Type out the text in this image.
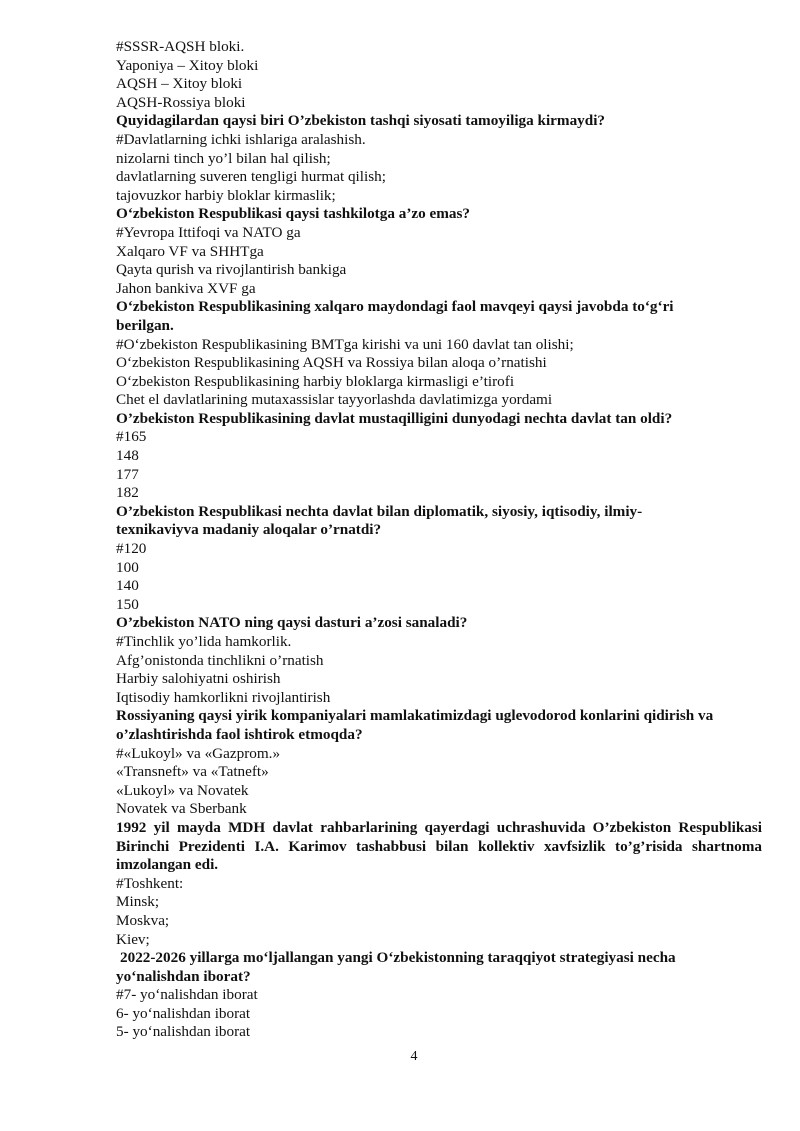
#SSSR-AQSH bloki.
Yaponiya – Xitoy bloki
AQSH – Xitoy bloki
AQSH-Rossiya bloki
Quyidagilardan qaysi biri O’zbekiston tashqi siyosati tamoyiliga kirmaydi?
#Davlatlarning ichki ishlariga aralashish.
nizolarni tinch yo’l bilan hal qilish;
davlatlarning suveren tengligi hurmat qilish;
tajovuzkor harbiy bloklar kirmaslik;
O‘zbekiston Respublikasi qaysi tashkilotga a’zo emas?
#Yevropa Ittifoqi va NATO ga
Xalqaro VF va SHHTga
Qayta qurish va rivojlantirish bankiga
Jahon bankiva XVF ga
O‘zbekiston Respublikasining xalqaro maydondagi faol mavqeyi qaysi javobda to‘g‘ri berilgan.
#O‘zbekiston Respublikasining BMTga kirishi va uni 160 davlat tan olishi;
O‘zbekiston Respublikasining AQSH va Rossiya bilan aloqa o’rnatishi
O‘zbekiston Respublikasining harbiy bloklarga kirmasligi e’tirofi
Chet el davlatlarining mutaxassislar tayyorlashda davlatimizga yordami
O’zbekiston Respublikasining davlat mustaqilligini dunyodagi nechta davlat tan oldi?
#165
148
177
182
O’zbekiston Respublikasi nechta davlat bilan diplomatik, siyosiy, iqtisodiy, ilmiy-texnikaviyva madaniy aloqalar o’rnatdi?
#120
100
140
150
O’zbekiston NATO ning qaysi dasturi a’zosi sanaladi?
#Tinchlik yo’lida hamkorlik.
Afg’onistonda tinchlikni o’rnatish
Harbiy salohiyatni oshirish
Iqtisodiy hamkorlikni rivojlantirish
Rossiyaning qaysi yirik kompaniyalari mamlakatimizdagi uglevodorod konlarini qidirish va o’zlashtirishda faol ishtirok etmoqda?
#«Lukoyl» va «Gazprom.»
«Transneft» va «Tatneft»
«Lukoyl» va Novatek
Novatek va Sberbank
1992 yil mayda MDH davlat rahbarlarining qayerdagi uchrashuvida O’zbekiston Respublikasi Birinchi Prezidenti I.A. Karimov tashabbusi bilan kollektiv xavfsizlik to’g’risida shartnoma imzolangan edi.
#Toshkent:
Minsk;
Moskva;
Kiev;
2022-2026 yillarga mo‘ljallangan yangi O‘zbekistonning taraqqiyot strategiyasi necha yo‘nalishdan iborat?
#7- yo‘nalishdan iborat
6- yo‘nalishdan iborat
5- yo‘nalishdan iborat
4
